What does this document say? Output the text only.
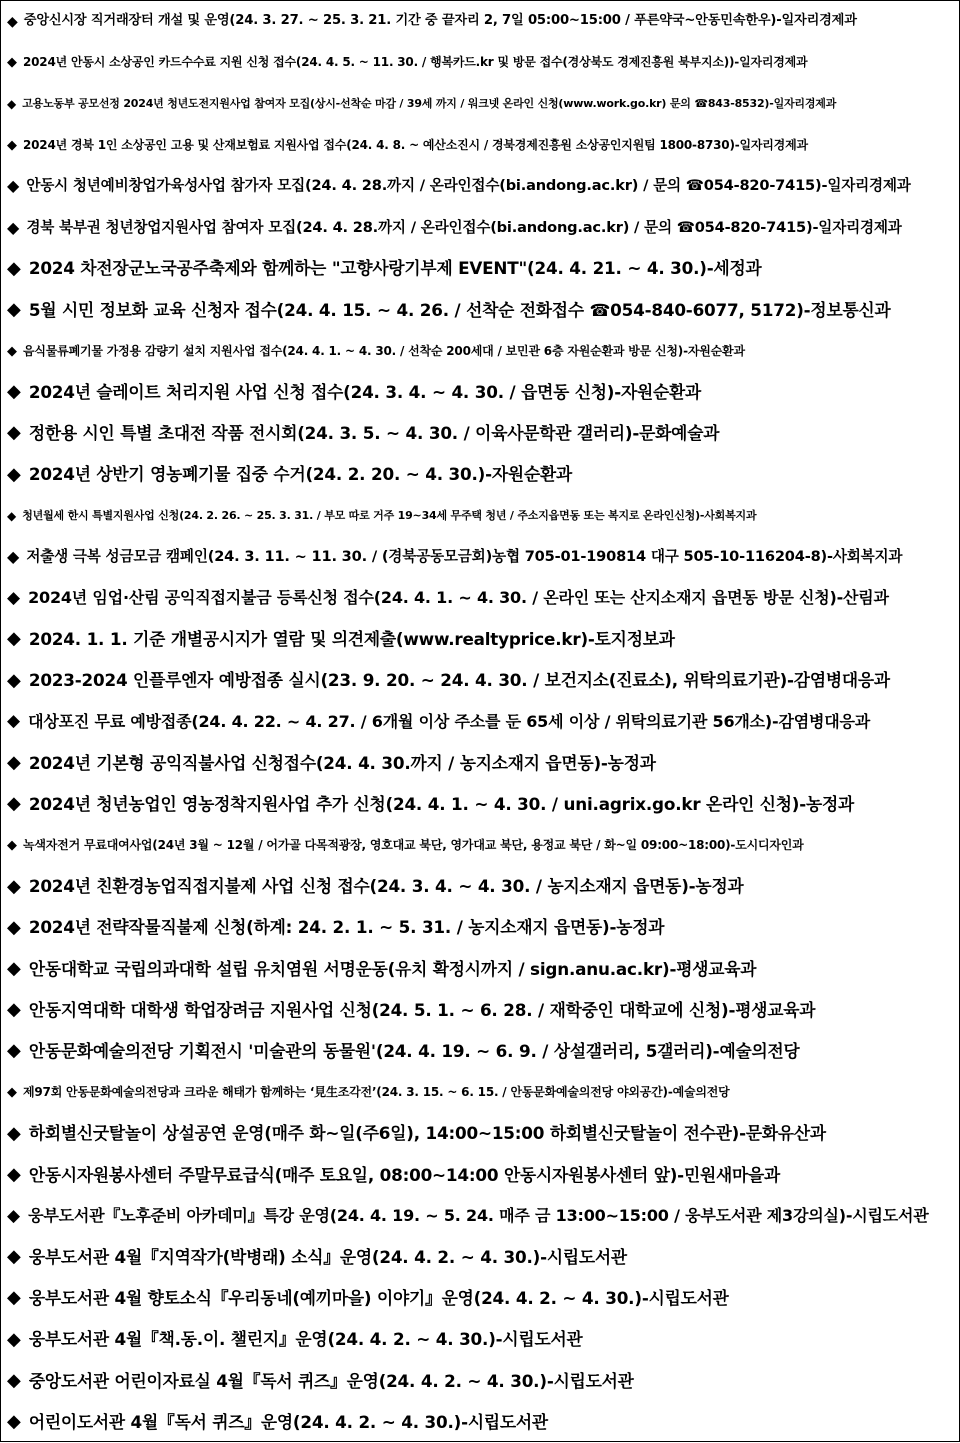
◆ 중앙신시장 직거래장터 개설 및 운영(24. 3. 27. ~ 25. 3. 21. 기간 중 끝자리 2, 7일 05:00~15:00 / 푸른약국~안동민속한우)-일자리경제과
◆ 2024년 안동시 소상공인 카드수수료 지원 신청 접수(24. 4. 5. ~ 11. 30. / 행복카드.kr 및 방문 접수(경상북도 경제진흥원 북부지소))-일자리경제과
◆ 고용노동부 공모선정 2024년 청년도전지원사업 참여자 모집(상시-선착순 마감 / 39세 까지 / 워크넷 온라인 신청(www.work.go.kr) 문의 ☎843-8532)-일자리경제과
◆ 2024년 경북 1인 소상공인 고용 및 산재보험료 지원사업 접수(24. 4. 8. ~ 예산소진시 / 경북경제진흥원 소상공인지원팀 1800-8730)-일자리경제과
◆ 안동시 청년예비창업가육성사업 참가자 모집(24. 4. 28.까지 / 온라인접수(bi.andong.ac.kr) / 문의 ☎054-820-7415)-일자리경제과
◆ 경북 북부권 청년창업지원사업 참여자 모집(24. 4. 28.까지 / 온라인접수(bi.andong.ac.kr) / 문의 ☎054-820-7415)-일자리경제과
◆ 2024 차전장군노국공주축제와 함께하는 "고향사랑기부제 EVENT"(24. 4. 21. ~ 4. 30.)-세정과
◆ 5월 시민 정보화 교육 신청자 접수(24. 4. 15. ~ 4. 26. / 선착순 전화접수 ☎054-840-6077, 5172)-정보통신과
◆ 음식물류폐기물 가정용 감량기 설치 지원사업 접수(24. 4. 1. ~ 4. 30. / 선착순 200세대 / 보민관 6층 자원순환과 방문 신청)-자원순환과
◆ 2024년 슬레이트 처리지원 사업 신청 접수(24. 3. 4. ~ 4. 30. / 읍면동 신청)-자원순환과
◆ 정한용 시인 특별 초대전 작품 전시회(24. 3. 5. ~ 4. 30. / 이육사문학관 갤러리)-문화예술과
◆ 2024년 상반기 영농폐기물 집중 수거(24. 2. 20. ~ 4. 30.)-자원순환과
◆ 청년월세 한시 특별지원사업 신청(24. 2. 26. ~ 25. 3. 31. / 부모 따로 거주 19~34세 무주택 청년 / 주소지읍면동 또는 복지로 온라인신청)-사회복지과
◆ 저출생 극복 성금모금 캠페인(24. 3. 11. ~ 11. 30. / (경북공동모금회)농협 705-01-190814 대구 505-10-116204-8)-사회복지과
◆ 2024년 임업·산림 공익직접지불금 등록신청 접수(24. 4. 1. ~ 4. 30. / 온라인 또는 산지소재지 읍면동 방문 신청)-산림과
◆ 2024. 1. 1. 기준 개별공시지가 열람 및 의견제출(www.realtyprice.kr)-토지정보과
◆ 2023-2024 인플루엔자 예방접종 실시(23. 9. 20. ~ 24. 4. 30. / 보건지소(진료소), 위탁의료기관)-감염병대응과
◆ 대상포진 무료 예방접종(24. 4. 22. ~ 4. 27. / 6개월 이상 주소를 둔 65세 이상 / 위탁의료기관 56개소)-감염병대응과
◆ 2024년 기본형 공익직불사업 신청접수(24. 4. 30.까지 / 농지소재지 읍면동)-농정과
◆ 2024년 청년농업인 영농정착지원사업 추가 신청(24. 4. 1. ~ 4. 30. / uni.agrix.go.kr 온라인 신청)-농정과
◆ 녹색자전거 무료대여사업(24년 3월 ~ 12월 / 어가골 다목적광장, 영호대교 북단, 영가대교 북단, 용정교 북단 / 화~일 09:00~18:00)-도시디자인과
◆ 2024년 친환경농업직접지불제 사업 신청 접수(24. 3. 4. ~ 4. 30. / 농지소재지 읍면동)-농정과
◆ 2024년 전략작물직불제 신청(하계: 24. 2. 1. ~ 5. 31. / 농지소재지 읍면동)-농정과
◆ 안동대학교 국립의과대학 설립 유치염원 서명운동(유치 확정시까지 / sign.anu.ac.kr)-평생교육과
◆ 안동지역대학 대학생 학업장려금 지원사업 신청(24. 5. 1. ~ 6. 28. / 재학중인 대학교에 신청)-평생교육과
◆ 안동문화예술의전당 기획전시 '미술관의 동물원'(24. 4. 19. ~ 6. 9. / 상설갤러리, 5갤러리)-예술의전당
◆ 제97회 안동문화예술의전당과 크라운 해태가 함께하는 ‘見生조각전’(24. 3. 15. ~ 6. 15. / 안동문화예술의전당 야외공간)-예술의전당
◆ 하회별신굿탈놀이 상설공연 운영(매주 화~일(주6일), 14:00~15:00 하회별신굿탈놀이 전수관)-문화유산과
◆ 안동시자원봉사센터 주말무료급식(매주 토요일, 08:00~14:00 안동시자원봉사센터 앞)-민원새마을과
◆ 웅부도서관『노후준비 아카데미』특강 운영(24. 4. 19. ~ 5. 24. 매주 금 13:00~15:00 / 웅부도서관 제3강의실)-시립도서관
◆ 웅부도서관 4월『지역작가(박병래) 소식』운영(24. 4. 2. ~ 4. 30.)-시립도서관
◆ 웅부도서관 4월 향토소식『우리동네(예끼마을) 이야기』운영(24. 4. 2. ~ 4. 30.)-시립도서관
◆ 웅부도서관 4월『책.동.이. 챌린지』운영(24. 4. 2. ~ 4. 30.)-시립도서관
◆ 중앙도서관 어린이자료실 4월『독서 퀴즈』운영(24. 4. 2. ~ 4. 30.)-시립도서관
◆ 어린이도서관 4월『독서 퀴즈』운영(24. 4. 2. ~ 4. 30.)-시립도서관
